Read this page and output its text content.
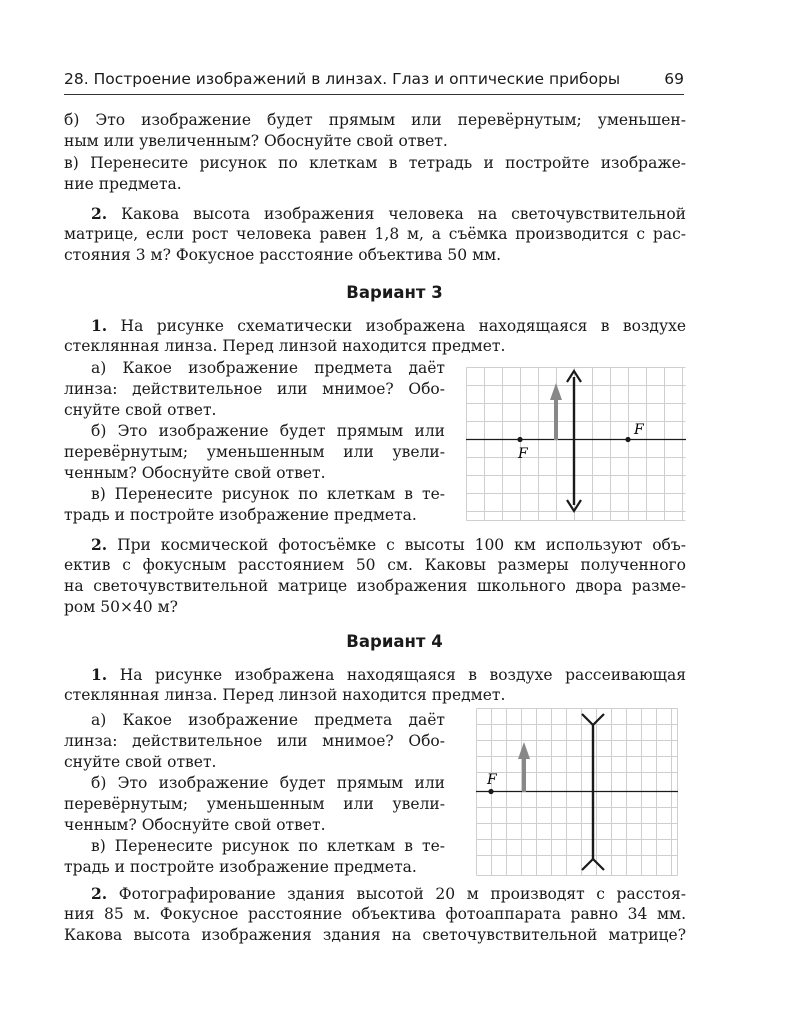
28. Построение изображений в линзах. Глаз и оптические приборы	69
б) Это изображение будет прямым или перевёрнутым; уменьшен-
ным или увеличенным? Обоснуйте свой ответ.
в) Перенесите рисунок по клеткам в тетрадь и постройте изображе-
ние предмета.
2. Какова высота изображения человека на светочувствительной
матрице, если рост человека равен 1,8 м, а съёмка производится с рас-
стояния 3 м? Фокусное расстояние объектива 50 мм.
Вариант 3
1. На рисунке схематически изображена находящаяся в воздухе
стеклянная линза. Перед линзой находится предмет.
а) Какое изображение предмета даёт
линза: действительное или мнимое? Обо-
снуйте свой ответ.
б) Это изображение будет прямым или
перевёрнутым; уменьшенным или увели-
ченным? Обоснуйте свой ответ.
в) Перенесите рисунок по клеткам в те-
традь и постройте изображение предмета.
F
F
2. При космической фотосъёмке с высоты 100 км используют объ-
ектив с фокусным расстоянием 50 см. Каковы размеры полученного
на светочувствительной матрице изображения школьного двора разме-
ром 50×40 м?
Вариант 4
1. На рисунке изображена находящаяся в воздухе рассеивающая
стеклянная линза. Перед линзой находится предмет.
а) Какое изображение предмета даёт
линза: действительное или мнимое? Обо-
снуйте свой ответ.
б) Это изображение будет прямым или
перевёрнутым; уменьшенным или увели-
ченным? Обоснуйте свой ответ.
в) Перенесите рисунок по клеткам в те-
традь и постройте изображение предмета.
F
2. Фотографирование здания высотой 20 м производят с расстоя-
ния 85 м. Фокусное расстояние объектива фотоаппарата равно 34 мм.
Какова высота изображения здания на светочувствительной матрице?
